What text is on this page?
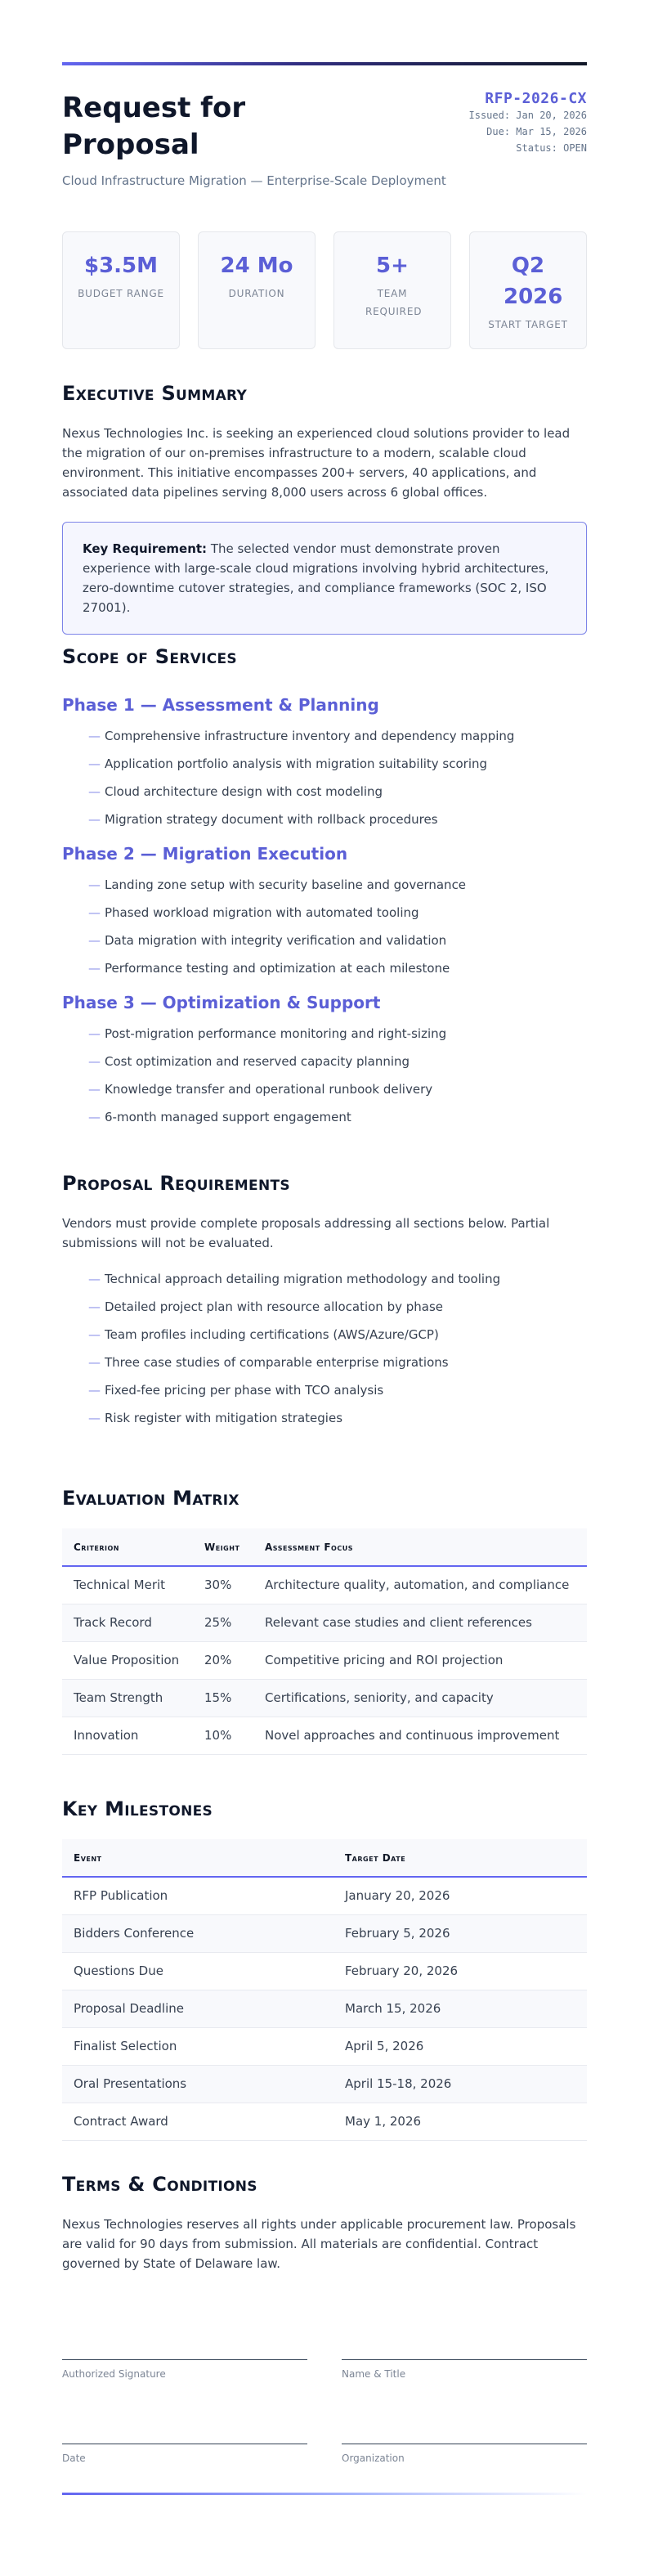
Request for Proposal
Cloud Infrastructure Migration — Enterprise-Scale Deployment
RFP-2026-CX
Issued: Jan 20, 2026
Due: Mar 15, 2026
Status: OPEN
$3.5M
BUDGET RANGE
24 Mo
DURATION
5+
TEAM REQUIRED
Q2 2026
START TARGET
Executive Summary
Nexus Technologies Inc. is seeking an experienced cloud solutions provider to lead the migration of our on-premises infrastructure to a modern, scalable cloud environment. This initiative encompasses 200+ servers, 40 applications, and associated data pipelines serving 8,000 users across 6 global offices.
Key Requirement: The selected vendor must demonstrate proven experience with large-scale cloud migrations involving hybrid architectures, zero-downtime cutover strategies, and compliance frameworks (SOC 2, ISO 27001).
Scope of Services
Phase 1 — Assessment & Planning
— Comprehensive infrastructure inventory and dependency mapping
— Application portfolio analysis with migration suitability scoring
— Cloud architecture design with cost modeling
— Migration strategy document with rollback procedures
Phase 2 — Migration Execution
— Landing zone setup with security baseline and governance
— Phased workload migration with automated tooling
— Data migration with integrity verification and validation
— Performance testing and optimization at each milestone
Phase 3 — Optimization & Support
— Post-migration performance monitoring and right-sizing
— Cost optimization and reserved capacity planning
— Knowledge transfer and operational runbook delivery
— 6-month managed support engagement
Proposal Requirements
Vendors must provide complete proposals addressing all sections below. Partial submissions will not be evaluated.
— Technical approach detailing migration methodology and tooling
— Detailed project plan with resource allocation by phase
— Team profiles including certifications (AWS/Azure/GCP)
— Three case studies of comparable enterprise migrations
— Fixed-fee pricing per phase with TCO analysis
— Risk register with mitigation strategies
Evaluation Matrix
Criterion	Weight	Assessment Focus
Technical Merit	30%	Architecture quality, automation, and compliance
Track Record	25%	Relevant case studies and client references
Value Proposition	20%	Competitive pricing and ROI projection
Team Strength	15%	Certifications, seniority, and capacity
Innovation	10%	Novel approaches and continuous improvement
Key Milestones
Event	Target Date
RFP Publication	January 20, 2026
Bidders Conference	February 5, 2026
Questions Due	February 20, 2026
Proposal Deadline	March 15, 2026
Finalist Selection	April 5, 2026
Oral Presentations	April 15-18, 2026
Contract Award	May 1, 2026
Terms & Conditions
Nexus Technologies reserves all rights under applicable procurement law. Proposals are valid for 90 days from submission. All materials are confidential. Contract governed by State of Delaware law.
Authorized Signature	Name & Title
Date	Organization
